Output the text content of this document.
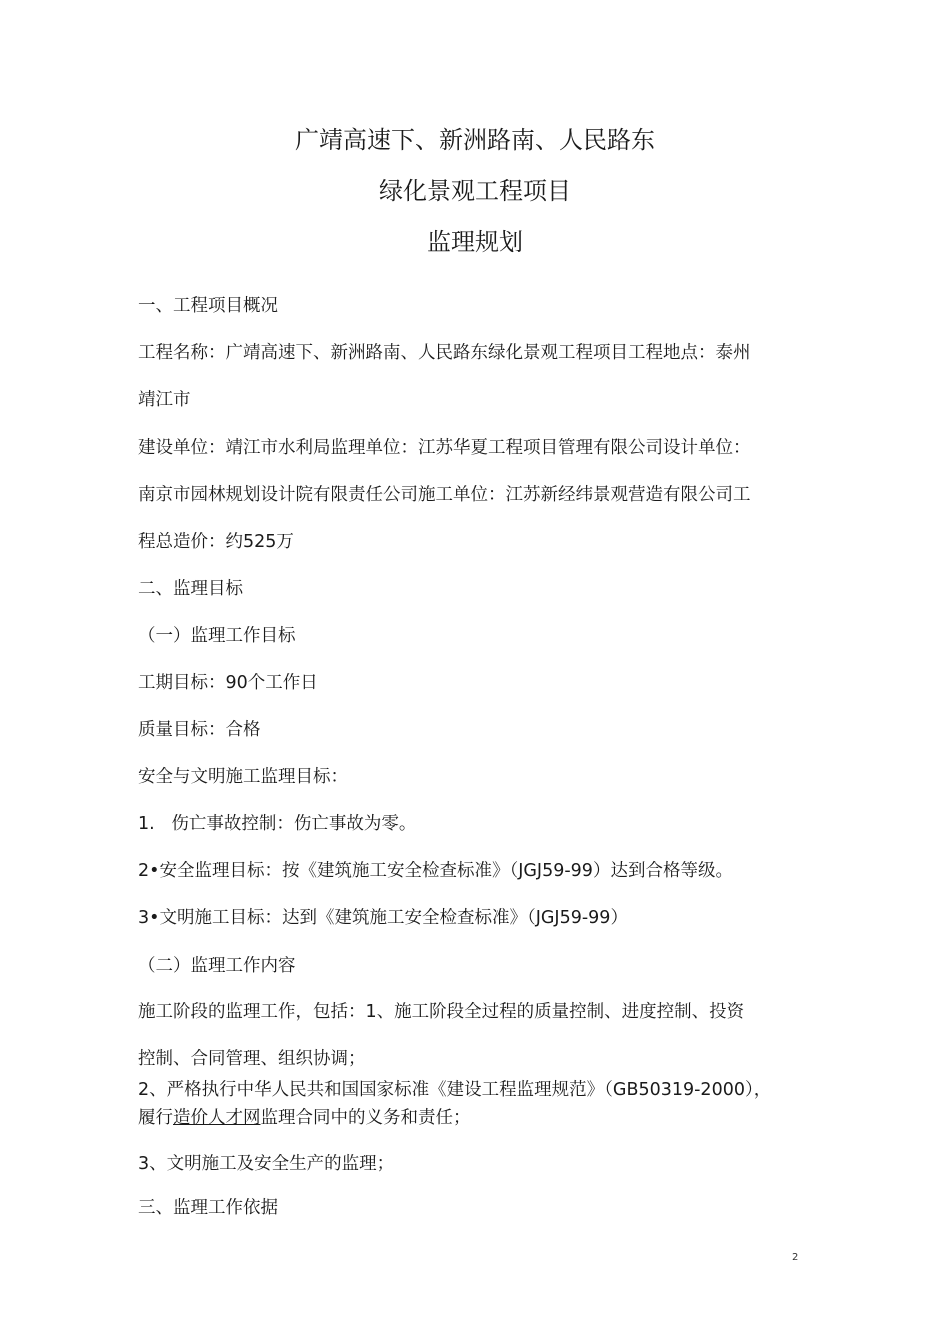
广靖高速下、新洲路南、人民路东
绿化景观工程项目
监理规划
一、工程项目概况
工程名称：广靖高速下、新洲路南、人民路东绿化景观工程项目工程地点：泰州
靖江市
建设单位：靖江市水利局监理单位：江苏华夏工程项目管理有限公司设计单位：
南京市园林规划设计院有限责任公司施工单位：江苏新经纬景观营造有限公司工
程总造价：约525万
二、监理目标
（一）监理工作目标
工期目标：90个工作日
质量目标：合格
安全与文明施工监理目标：
1.   伤亡事故控制：伤亡事故为零。
2•安全监理目标：按《建筑施工安全检查标准》（JGJ59-99）达到合格等级。
3•文明施工目标：达到《建筑施工安全检查标准》（JGJ59-99）
（二）监理工作内容
施工阶段的监理工作，包括：1、施工阶段全过程的质量控制、进度控制、投资
控制、合同管理、组织协调；
2、严格执行中华人民共和国国家标准《建设工程监理规范》（GB50319-2000），
履行造价人才网监理合同中的义务和责任；
3、文明施工及安全生产的监理；
三、监理工作依据
2
